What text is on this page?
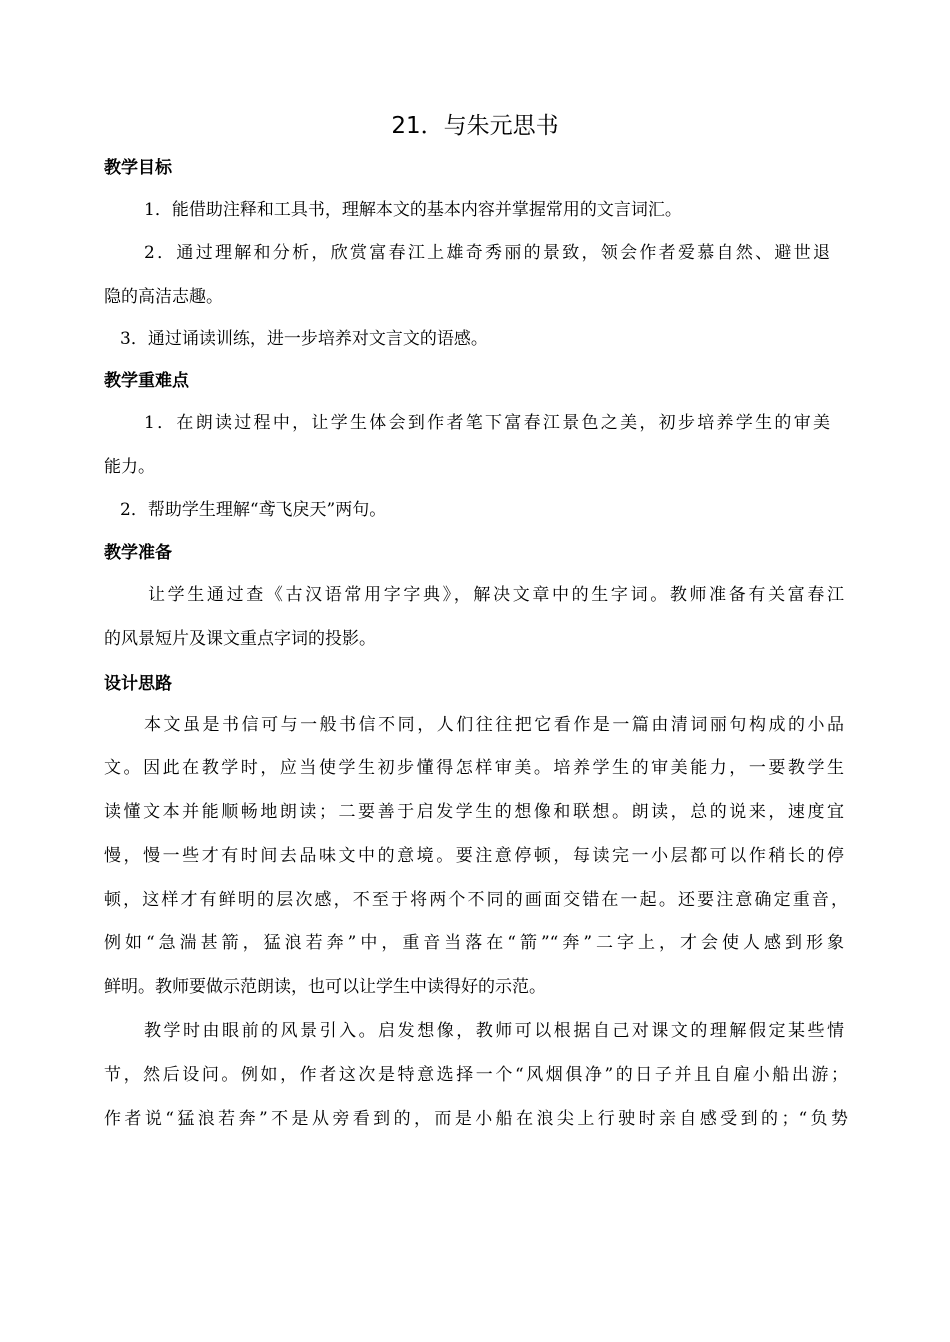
21．与朱元思书
教学目标
1．能借助注释和工具书，理解本文的基本内容并掌握常用的文言词汇。
2．通过理解和分析，欣赏富春江上雄奇秀丽的景致，领会作者爱慕自然、避世退
隐的高洁志趣。
3．通过诵读训练，进一步培养对文言文的语感。
教学重难点
1．在朗读过程中，让学生体会到作者笔下富春江景色之美，初步培养学生的审美
能力。
2．帮助学生理解“鸢飞戾天”两句。
教学准备
让学生通过查《古汉语常用字字典》，解决文章中的生字词。教师准备有关富春江
的风景短片及课文重点字词的投影。
设计思路
本文虽是书信可与一般书信不同，人们往往把它看作是一篇由清词丽句构成的小品
文。因此在教学时，应当使学生初步懂得怎样审美。培养学生的审美能力，一要教学生
读懂文本并能顺畅地朗读；二要善于启发学生的想像和联想。朗读，总的说来，速度宜
慢，慢一些才有时间去品味文中的意境。要注意停顿，每读完一小层都可以作稍长的停
顿，这样才有鲜明的层次感，不至于将两个不同的画面交错在一起。还要注意确定重音，
例如“急湍甚箭，猛浪若奔”中，重音当落在“箭”“奔”二字上，才会使人感到形象
鲜明。教师要做示范朗读，也可以让学生中读得好的示范。
教学时由眼前的风景引入。启发想像，教师可以根据自己对课文的理解假定某些情
节，然后设问。例如，作者这次是特意选择一个“风烟俱净”的日子并且自雇小船出游；
作者说“猛浪若奔”不是从旁看到的，而是小船在浪尖上行驶时亲自感受到的；“负势
